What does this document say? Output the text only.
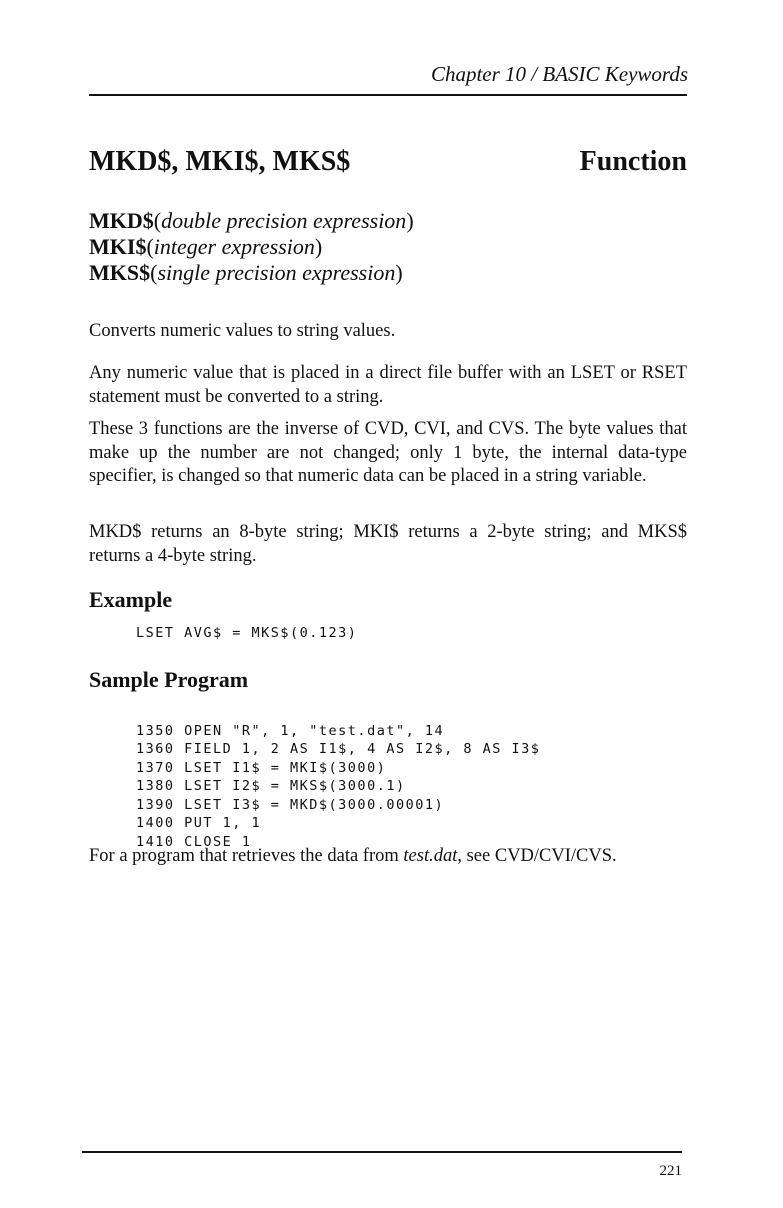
Chapter 10 / BASIC Keywords
MKD$, MKI$, MKS$	Function
MKD$(double precision expression)
MKI$(integer expression)
MKS$(single precision expression)

Converts numeric values to string values.

Any numeric value that is placed in a direct file buffer with an LSET or RSET statement must be converted to a string.

These 3 functions are the inverse of CVD, CVI, and CVS. The byte values that make up the number are not changed; only 1 byte, the internal data-type specifier, is changed so that numeric data can be placed in a string variable.

MKD$ returns an 8-byte string; MKI$ returns a 2-byte string; and MKS$ returns a 4-byte string.

Example
LSET AVG$ = MKS$(0.123)
Sample Program

1350 OPEN "R", 1, "test.dat", 14
1360 FIELD 1, 2 AS I1$, 4 AS I2$, 8 AS I3$
1370 LSET I1$ = MKI$(3000)
1380 LSET I2$ = MKS$(3000.1)
1390 LSET I3$ = MKD$(3000.00001)
1400 PUT 1, 1
1410 CLOSE 1

For a program that retrieves the data from test.dat, see CVD/CVI/CVS.

221
